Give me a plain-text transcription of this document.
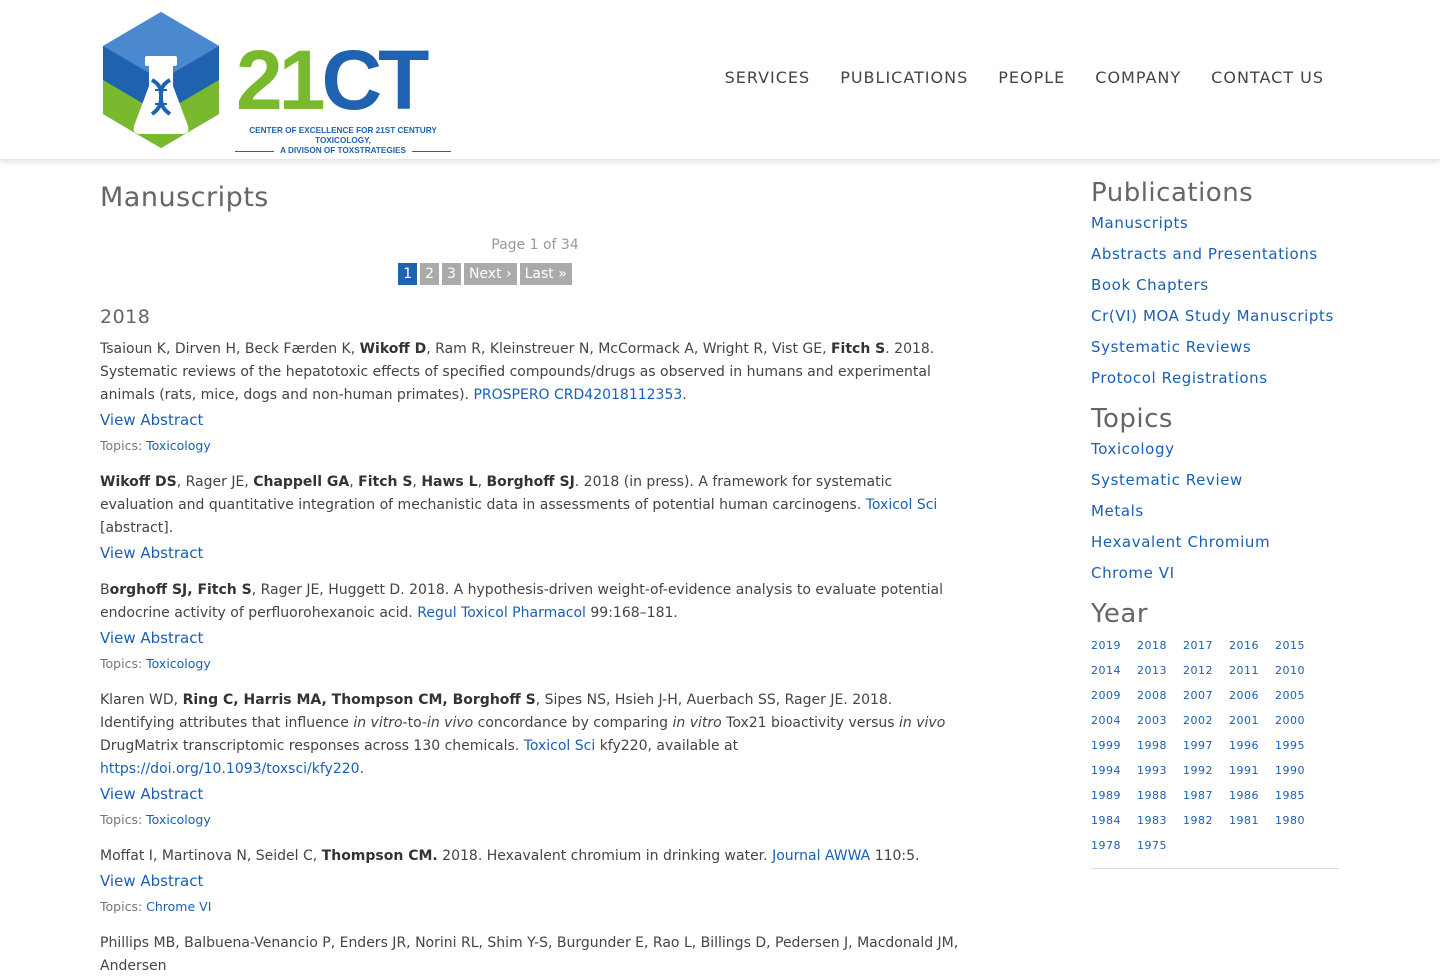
21CT
CENTER OF EXCELLENCE FOR 21ST CENTURY TOXICOLOGY,
A DIVISON OF TOXSTRATEGIES
SERVICES PUBLICATIONS PEOPLE COMPANY CONTACT US
Manuscripts
Page 1 of 34
1 2 3 Next › Last »
2018
Tsaioun K, Dirven H, Beck Færden K, Wikoff D, Ram R, Kleinstreuer N, McCormack A, Wright R, Vist GE, Fitch S. 2018. Systematic reviews of the hepatotoxic effects of specified compounds/drugs as observed in humans and experimental animals (rats, mice, dogs and non-human primates). PROSPERO CRD42018112353.
View Abstract
Topics: Toxicology
Wikoff DS, Rager JE, Chappell GA, Fitch S, Haws L, Borghoff SJ. 2018 (in press). A framework for systematic evaluation and quantitative integration of mechanistic data in assessments of potential human carcinogens. Toxicol Sci [abstract].
View Abstract
Borghoff SJ, Fitch S, Rager JE, Huggett D. 2018. A hypothesis-driven weight-of-evidence analysis to evaluate potential endocrine activity of perfluorohexanoic acid. Regul Toxicol Pharmacol 99:168–181.
View Abstract
Topics: Toxicology
Klaren WD, Ring C, Harris MA, Thompson CM, Borghoff S, Sipes NS, Hsieh J-H, Auerbach SS, Rager JE. 2018. Identifying attributes that influence in vitro-to-in vivo concordance by comparing in vitro Tox21 bioactivity versus in vivo DrugMatrix transcriptomic responses across 130 chemicals. Toxicol Sci kfy220, available at https://doi.org/10.1093/toxsci/kfy220.
View Abstract
Topics: Toxicology
Moffat I, Martinova N, Seidel C, Thompson CM. 2018. Hexavalent chromium in drinking water. Journal AWWA 110:5.
View Abstract
Topics: Chrome VI
Phillips MB, Balbuena-Venancio P, Enders JR, Norini RL, Shim Y-S, Burgunder E, Rao L, Billings D, Pedersen J, Macdonald JM, Andersen
Publications
Manuscripts
Abstracts and Presentations
Book Chapters
Cr(VI) MOA Study Manuscripts
Systematic Reviews
Protocol Registrations
Topics
Toxicology
Systematic Review
Metals
Hexavalent Chromium
Chrome VI
Year
2019	2018	2017	2016	2015
2014	2013	2012	2011	2010
2009	2008	2007	2006	2005
2004	2003	2002	2001	2000
1999	1998	1997	1996	1995
1994	1993	1992	1991	1990
1989	1988	1987	1986	1985
1984	1983	1982	1981	1980
1978	1975
